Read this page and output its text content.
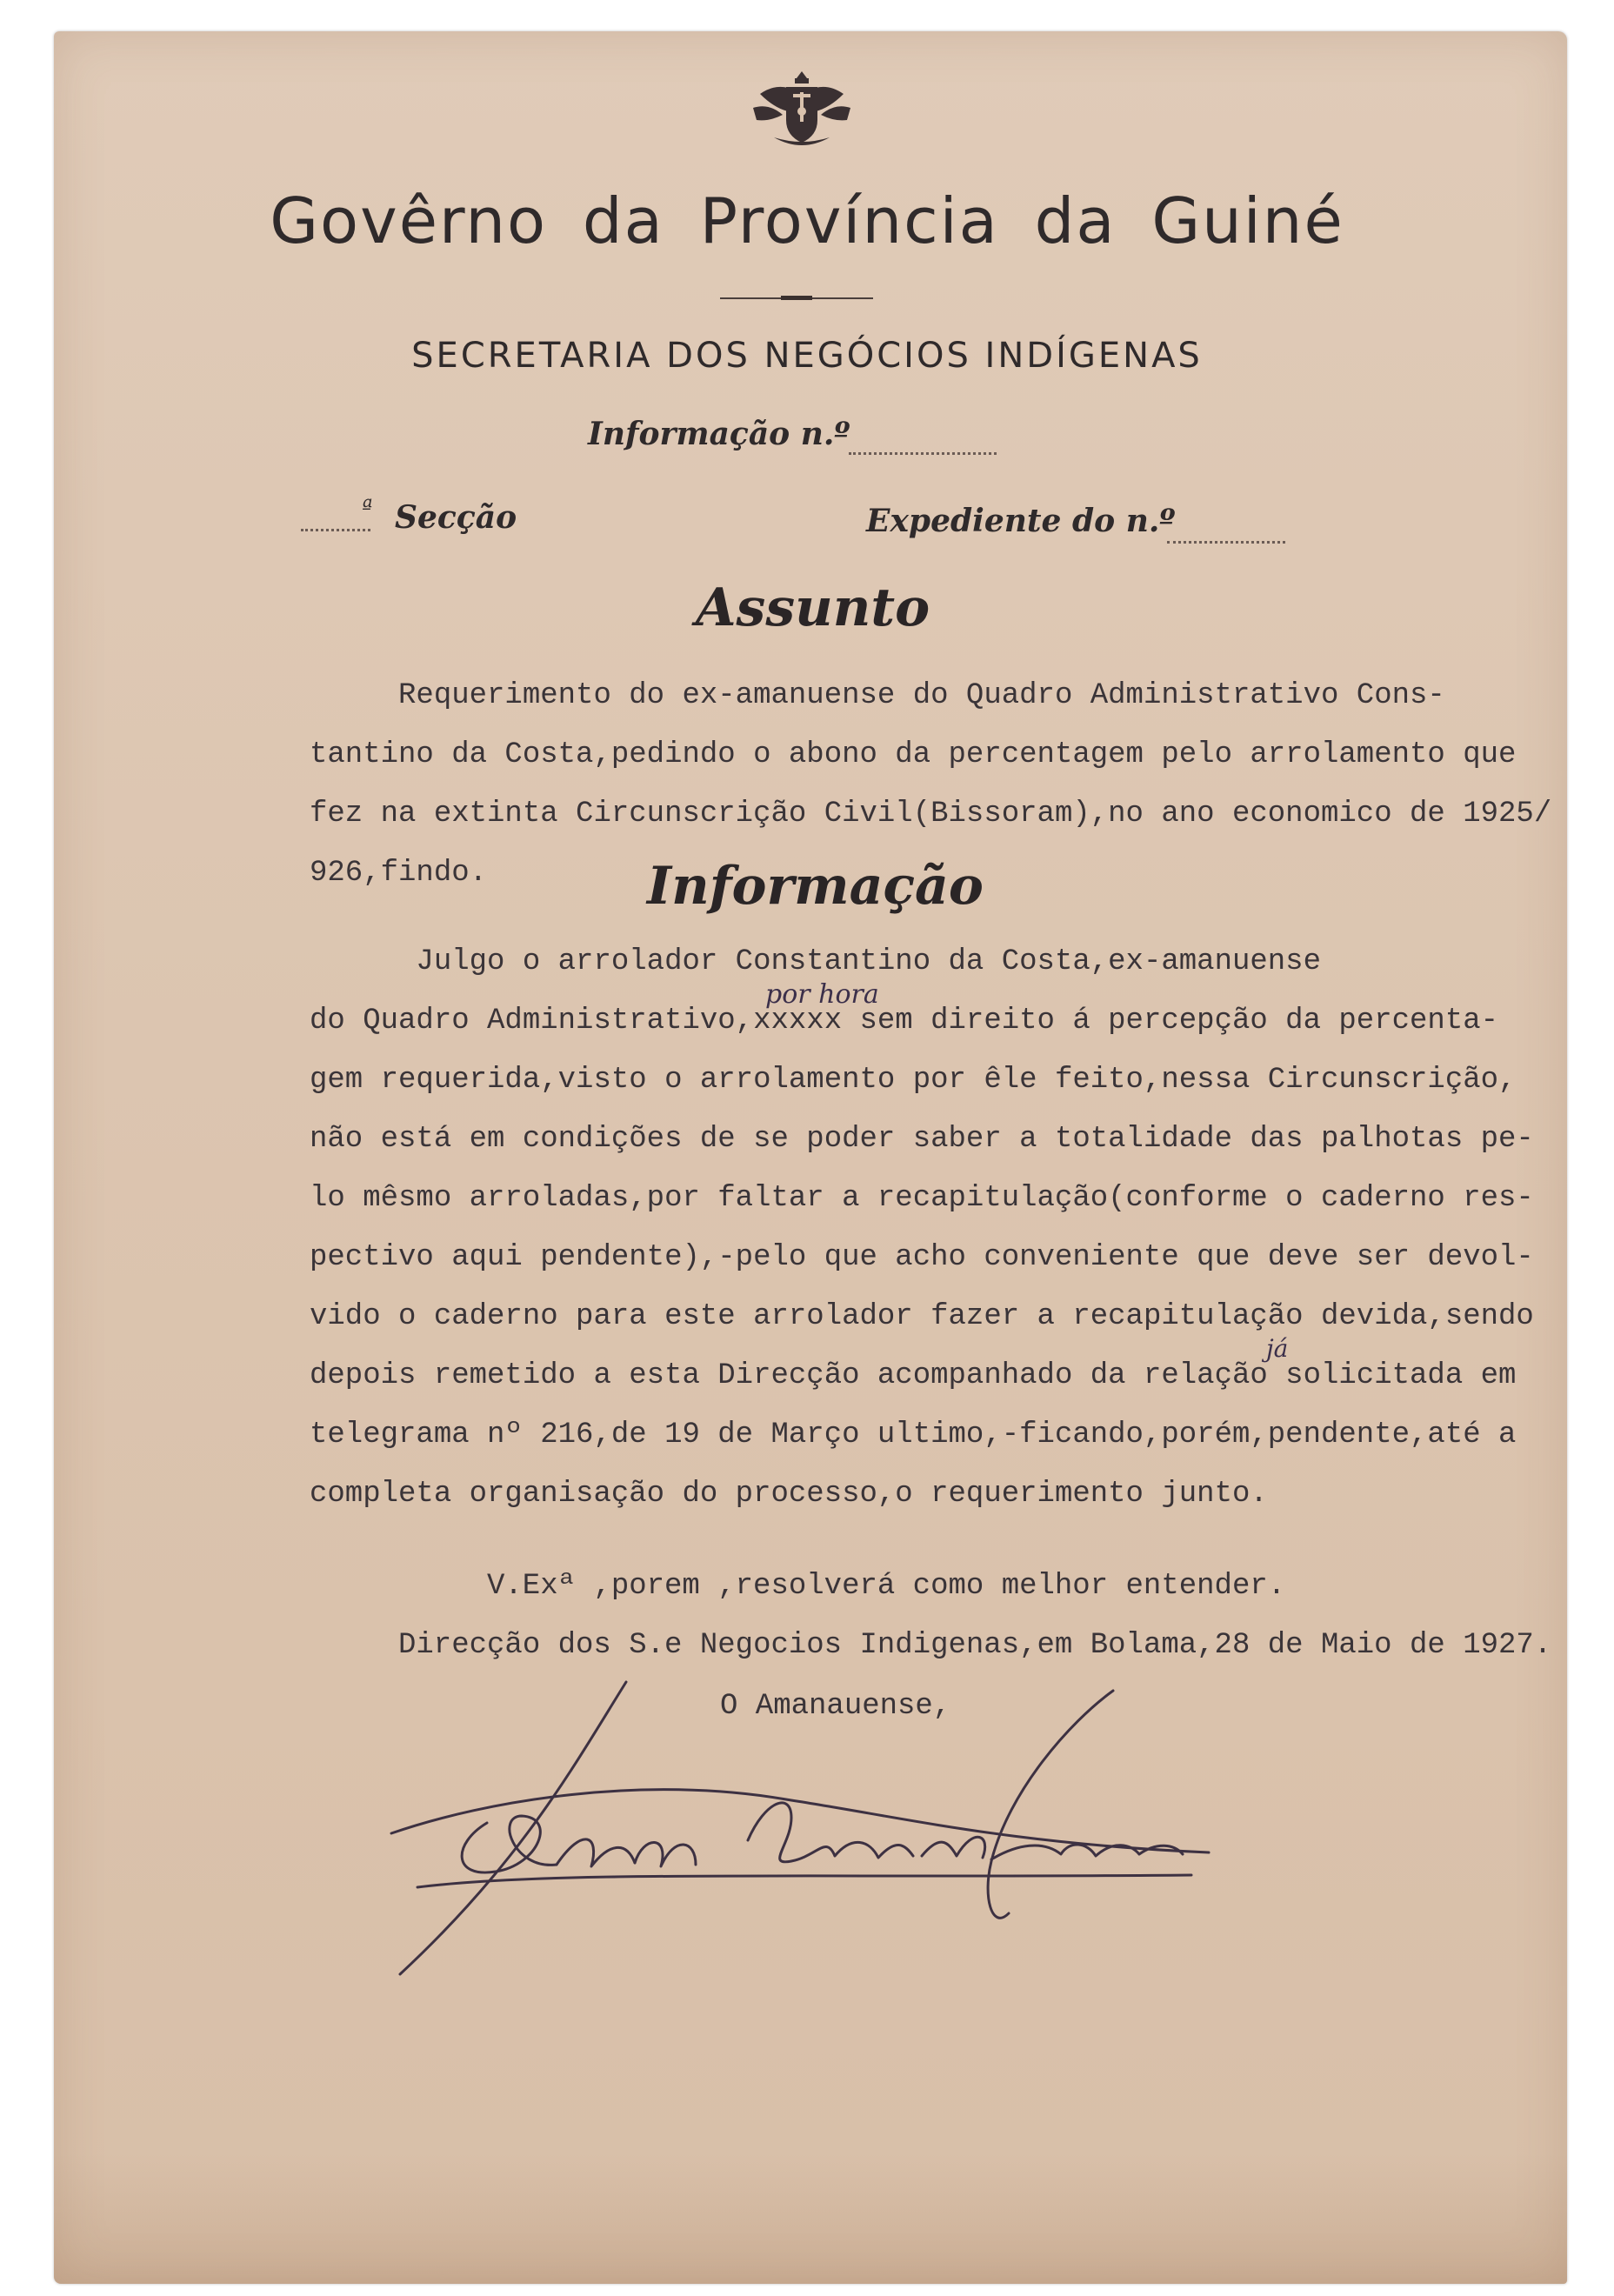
Govêrno da Província da Guiné
SECRETARIA DOS NEGÓCIOS INDÍGENAS
Informação n.º
ª Secção	Expediente do n.º
Assunto
Requerimento do ex-amanuense do Quadro Administrativo Cons-
tantino da Costa,pedindo o abono da percentagem pelo arrolamento que
fez na extinta Circunscrição Civil(Bissoram),no ano economico de 1925/
926,findo.	Informação
Julgo o arrolador Constantino da Costa,ex-amanuense
do Quadro Administrativo,xxxxx sem direito á percepção da percenta-
gem requerida,visto o arrolamento por êle feito,nessa Circunscrição,
não está em condições de se poder saber a totalidade das palhotas pe-
lo mêsmo arroladas,por faltar a recapitulação(conforme o caderno res-
pectivo aqui pendente),-pelo que acho conveniente que deve ser devol-
vido o caderno para este arrolador fazer a recapitulação devida,sendo
depois remetido a esta Direcção acompanhado da relação solicitada em
telegrama nº 216,de 19 de Março ultimo,-ficando,porém,pendente,até a
completa organisação do processo,o requerimento junto.
por hora
já
V.Exª ,porem ,resolverá como melhor entender.
Direcção dos S.e Negocios Indigenas,em Bolama,28 de Maio de 1927.
O Amanauense,
